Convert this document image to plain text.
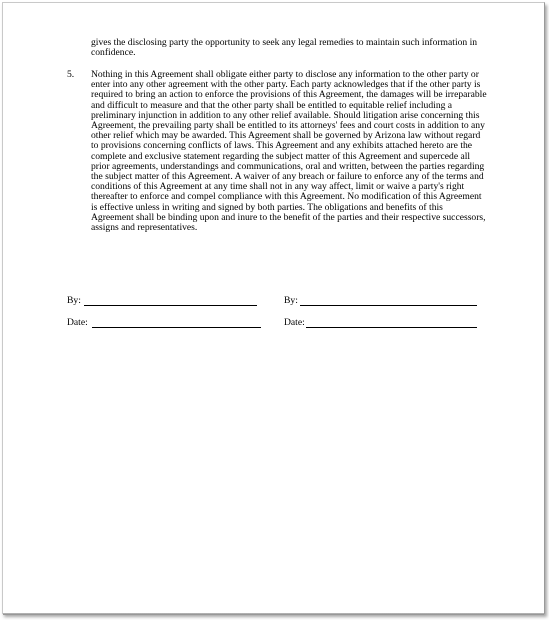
gives the disclosing party the opportunity to seek any legal remedies to maintain such information in confidence.
5. Nothing in this Agreement shall obligate either party to disclose any information to the other party or enter into any other agreement with the other party. Each party acknowledges that if the other party is required to bring an action to enforce the provisions of this Agreement, the damages will be irreparable and difficult to measure and that the other party shall be entitled to equitable relief including a preliminary injunction in addition to any other relief available. Should litigation arise concerning this Agreement, the prevailing party shall be entitled to its attorneys' fees and court costs in addition to any other relief which may be awarded. This Agreement shall be governed by Arizona law without regard to provisions concerning conflicts of laws. This Agreement and any exhibits attached hereto are the complete and exclusive statement regarding the subject matter of this Agreement and supercede all prior agreements, understandings and communications, oral and written, between the parties regarding the subject matter of this Agreement. A waiver of any breach or failure to enforce any of the terms and conditions of this Agreement at any time shall not in any way affect, limit or waive a party's right thereafter to enforce and compel compliance with this Agreement. No modification of this Agreement is effective unless in writing and signed by both parties. The obligations and benefits of this Agreement shall be binding upon and inure to the benefit of the parties and their respective successors, assigns and representatives.
By:
Date:
By:
Date:
